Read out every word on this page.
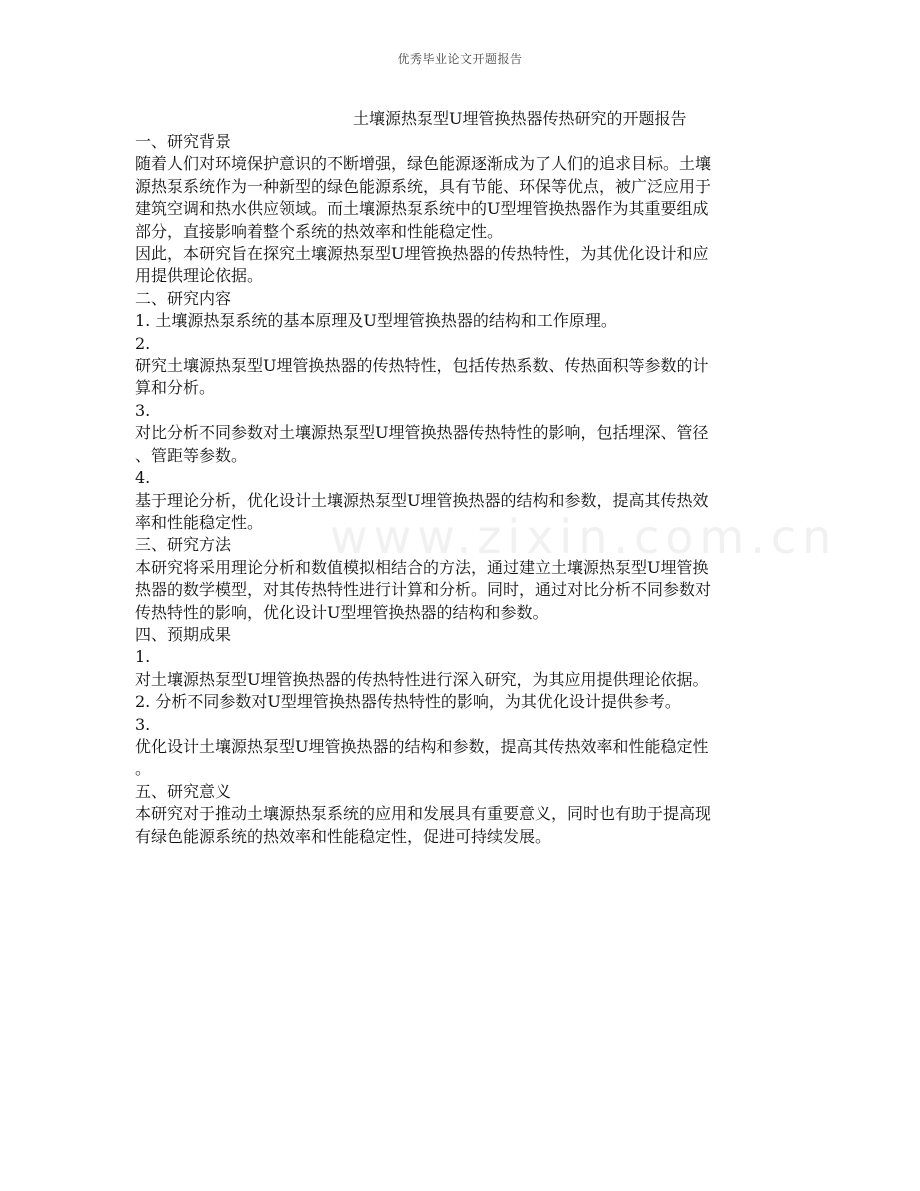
优秀毕业论文开题报告
www.zixin.com.cn
土壤源热泵型U埋管换热器传热研究的开题报告
一、研究背景
随着人们对环境保护意识的不断增强，绿色能源逐渐成为了人们的追求目标。土壤
源热泵系统作为一种新型的绿色能源系统，具有节能、环保等优点，被广泛应用于
建筑空调和热水供应领域。而土壤源热泵系统中的U型埋管换热器作为其重要组成
部分，直接影响着整个系统的热效率和性能稳定性。
因此，本研究旨在探究土壤源热泵型U埋管换热器的传热特性，为其优化设计和应
用提供理论依据。
二、研究内容
1. 土壤源热泵系统的基本原理及U型埋管换热器的结构和工作原理。
2.
研究土壤源热泵型U埋管换热器的传热特性，包括传热系数、传热面积等参数的计
算和分析。
3.
对比分析不同参数对土壤源热泵型U埋管换热器传热特性的影响，包括埋深、管径
、管距等参数。
4.
基于理论分析，优化设计土壤源热泵型U埋管换热器的结构和参数，提高其传热效
率和性能稳定性。
三、研究方法
本研究将采用理论分析和数值模拟相结合的方法，通过建立土壤源热泵型U埋管换
热器的数学模型，对其传热特性进行计算和分析。同时，通过对比分析不同参数对
传热特性的影响，优化设计U型埋管换热器的结构和参数。
四、预期成果
1.
对土壤源热泵型U埋管换热器的传热特性进行深入研究，为其应用提供理论依据。
2. 分析不同参数对U型埋管换热器传热特性的影响，为其优化设计提供参考。
3.
优化设计土壤源热泵型U埋管换热器的结构和参数，提高其传热效率和性能稳定性
。
五、研究意义
本研究对于推动土壤源热泵系统的应用和发展具有重要意义，同时也有助于提高现
有绿色能源系统的热效率和性能稳定性，促进可持续发展。
